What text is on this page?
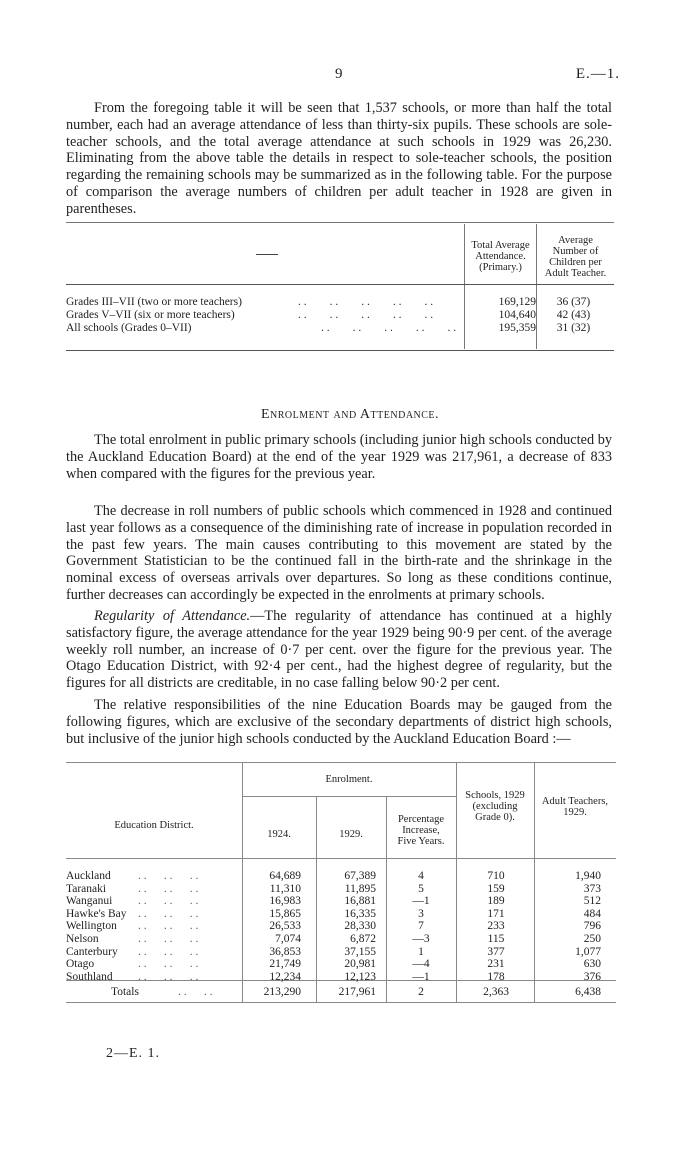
9	E.—1.

From the foregoing table it will be seen that 1,537 schools, or more than half the total number, each had an average attendance of less than thirty-six pupils. These schools are sole-teacher schools, and the total average attendance at such schools in 1929 was 26,230. Eliminating from the above table the details in respect to sole-teacher schools, the position regarding the remaining schools may be summarized as in the following table. For the purpose of comparison the average numbers of children per adult teacher in 1928 are given in parentheses.

Total Average
Attendance.
(Primary.)
Average
Number of
Children per
Adult Teacher.
Grades III–VII (two or more teachers)	. .        . .        . .        . .        . .	169,129	36 (37)
Grades V–VII (six or more teachers)	. .        . .        . .        . .        . .	104,640	42 (43)
All schools (Grades 0–VII)	. .        . .        . .        . .        . .	195,359	31 (32)
Enrolment and Attendance.

The total enrolment in public primary schools (including junior high schools conducted by the Auckland Education Board) at the end of the year 1929 was 217,961, a decrease of 833 when compared with the figures for the previous year.

The decrease in roll numbers of public schools which commenced in 1928 and continued last year follows as a consequence of the diminishing rate of increase in population recorded in the past few years. The main causes contributing to this movement are stated by the Government Statistician to be the continued fall in the birth-rate and the shrinkage in the nominal excess of overseas arrivals over departures. So long as these conditions continue, further decreases can accordingly be expected in the enrolments at primary schools.

Regularity of Attendance.—The regularity of attendance has continued at a highly satisfactory figure, the average attendance for the year 1929 being 90·9 per cent. of the average weekly roll number, an increase of 0·7 per cent. over the figure for the previous year. The Otago Education District, with 92·4 per cent., had the highest degree of regularity, but the figures for all districts are creditable, in no case falling below 90·2 per cent.

The relative responsibilities of the nine Education Boards may be gauged from the following figures, which are exclusive of the secondary departments of district high schools, but inclusive of the junior high schools conducted by the Auckland Education Board :—

Education District.
Enrolment.
1924.	1929.
Percentage
Increase,
Five Years.
Schools, 1929
(excluding
Grade 0).
Adult Teachers,
1929.
Auckland	64,689	67,389	4	710	1,940
. .      . .      . .
Taranaki	11,310	11,895	5	159	373
. .      . .      . .
Wanganui	16,983	16,881	—1	189	512
. .      . .      . .
Hawke's Bay	15,865	16,335	3	171	484
. .      . .      . .
Wellington	26,533	28,330	7	233	796
. .      . .      . .
Nelson	7,074	6,872	—3	115	250
. .      . .      . .
Canterbury	36,853	37,155	1	377	1,077
. .      . .      . .
Otago	21,749	20,981	—4	231	630
. .      . .      . .
Southland	12,234	12,123	—1	178	376
. .      . .      . .
Totals	. .      . .	213,290	217,961	2	2,363	6,438
2—E. 1.
